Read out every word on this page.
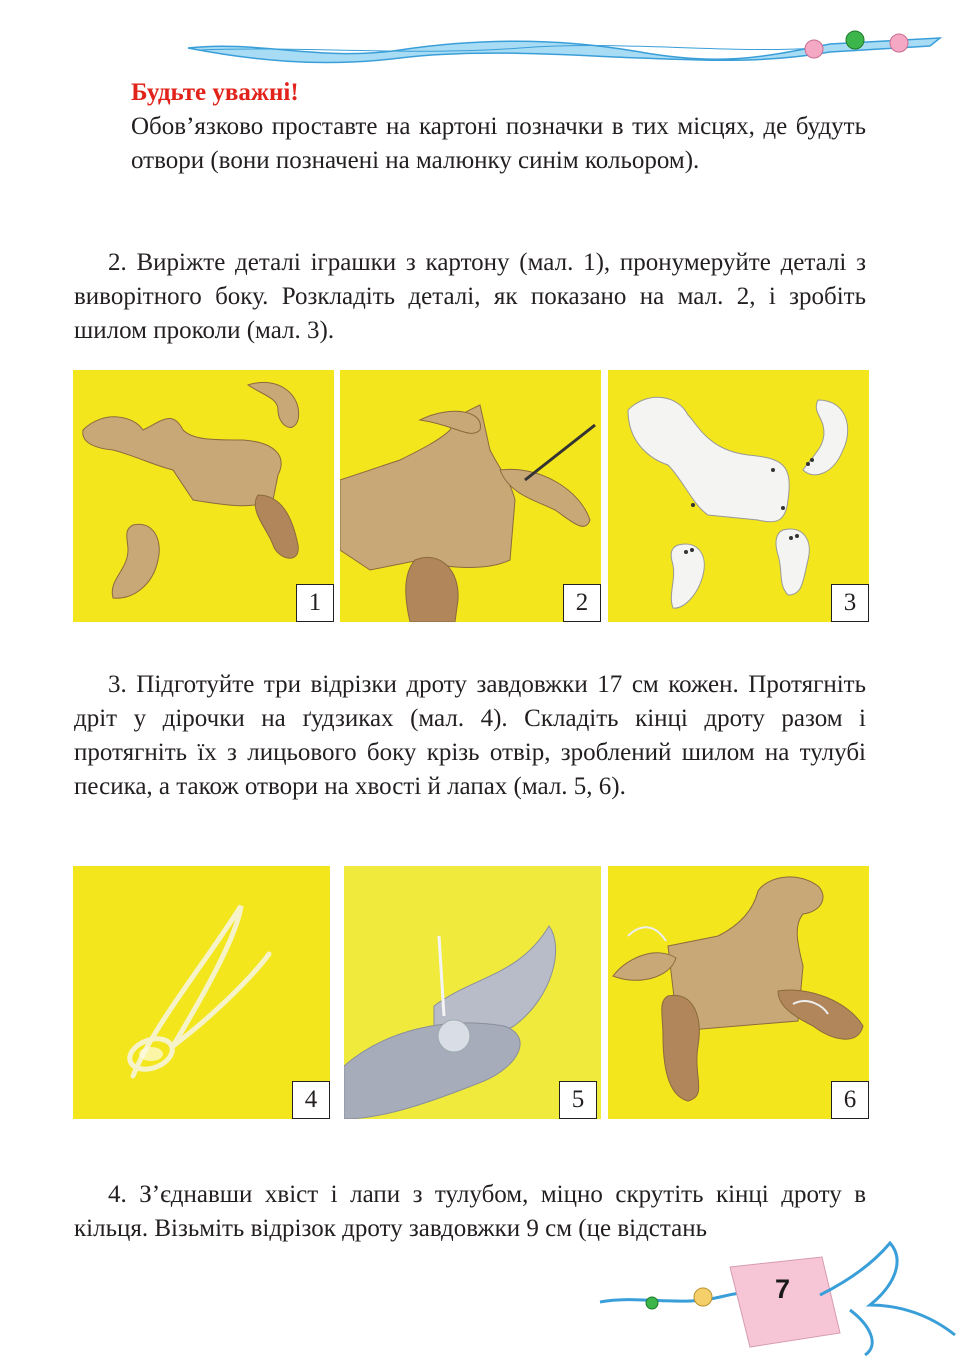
Будьте уважні!
Обов’язково проставте на картоні позначки в тих місцях, де будуть отвори (вони позначені на малюнку синім кольором).
2. Виріжте деталі іграшки з картону (мал. 1), пронумеруйте деталі з виворітного боку. Розкладіть деталі, як показано на мал. 2, і зробіть шилом проколи (мал. 3).
1	2	3
3. Підготуйте три відрізки дроту завдовжки 17 см кожен. Протягніть дріт у дірочки на ґудзиках (мал. 4). Складіть кінці дроту разом і протягніть їх з лицьового боку крізь отвір, зроблений шилом на тулубі песика, а також отвори на хвості й лапах (мал. 5, 6).
4	5	6
4. З’єднавши хвіст і лапи з тулубом, міцно скрутіть кінці дроту в кільця. Візьміть відрізок дроту завдовжки 9 см (це відстань
7
